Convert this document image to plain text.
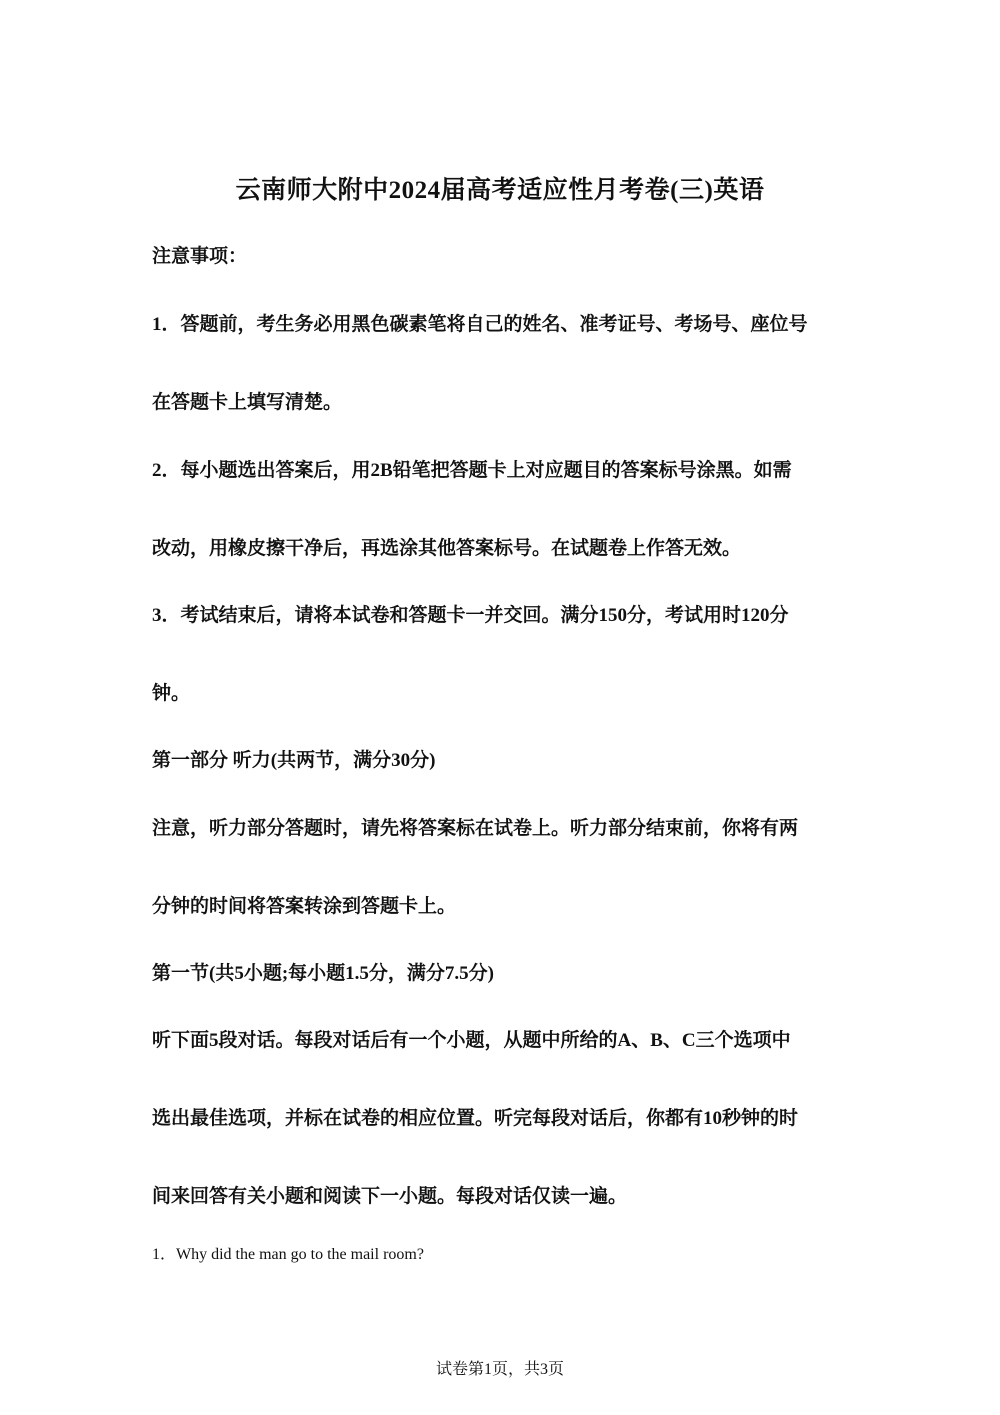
云南师大附中2024届高考适应性月考卷(三)英语
注意事项：
1．答题前，考生务必用黑色碳素笔将自己的姓名、准考证号、考场号、座位号
在答题卡上填写清楚。
2．每小题选出答案后，用2B铅笔把答题卡上对应题目的答案标号涂黑。如需
改动，用橡皮擦干净后，再选涂其他答案标号。在试题卷上作答无效。
3．考试结束后，请将本试卷和答题卡一并交回。满分150分，考试用时120分
钟。
第一部分 听力(共两节，满分30分)
注意，听力部分答题时，请先将答案标在试卷上。听力部分结束前，你将有两
分钟的时间将答案转涂到答题卡上。
第一节(共5小题;每小题1.5分，满分7.5分)
听下面5段对话。每段对话后有一个小题，从题中所给的A、B、C三个选项中
选出最佳选项，并标在试卷的相应位置。听完每段对话后，你都有10秒钟的时
间来回答有关小题和阅读下一小题。每段对话仅读一遍。
1．Why did the man go to the mail room?
试卷第1页，共3页
